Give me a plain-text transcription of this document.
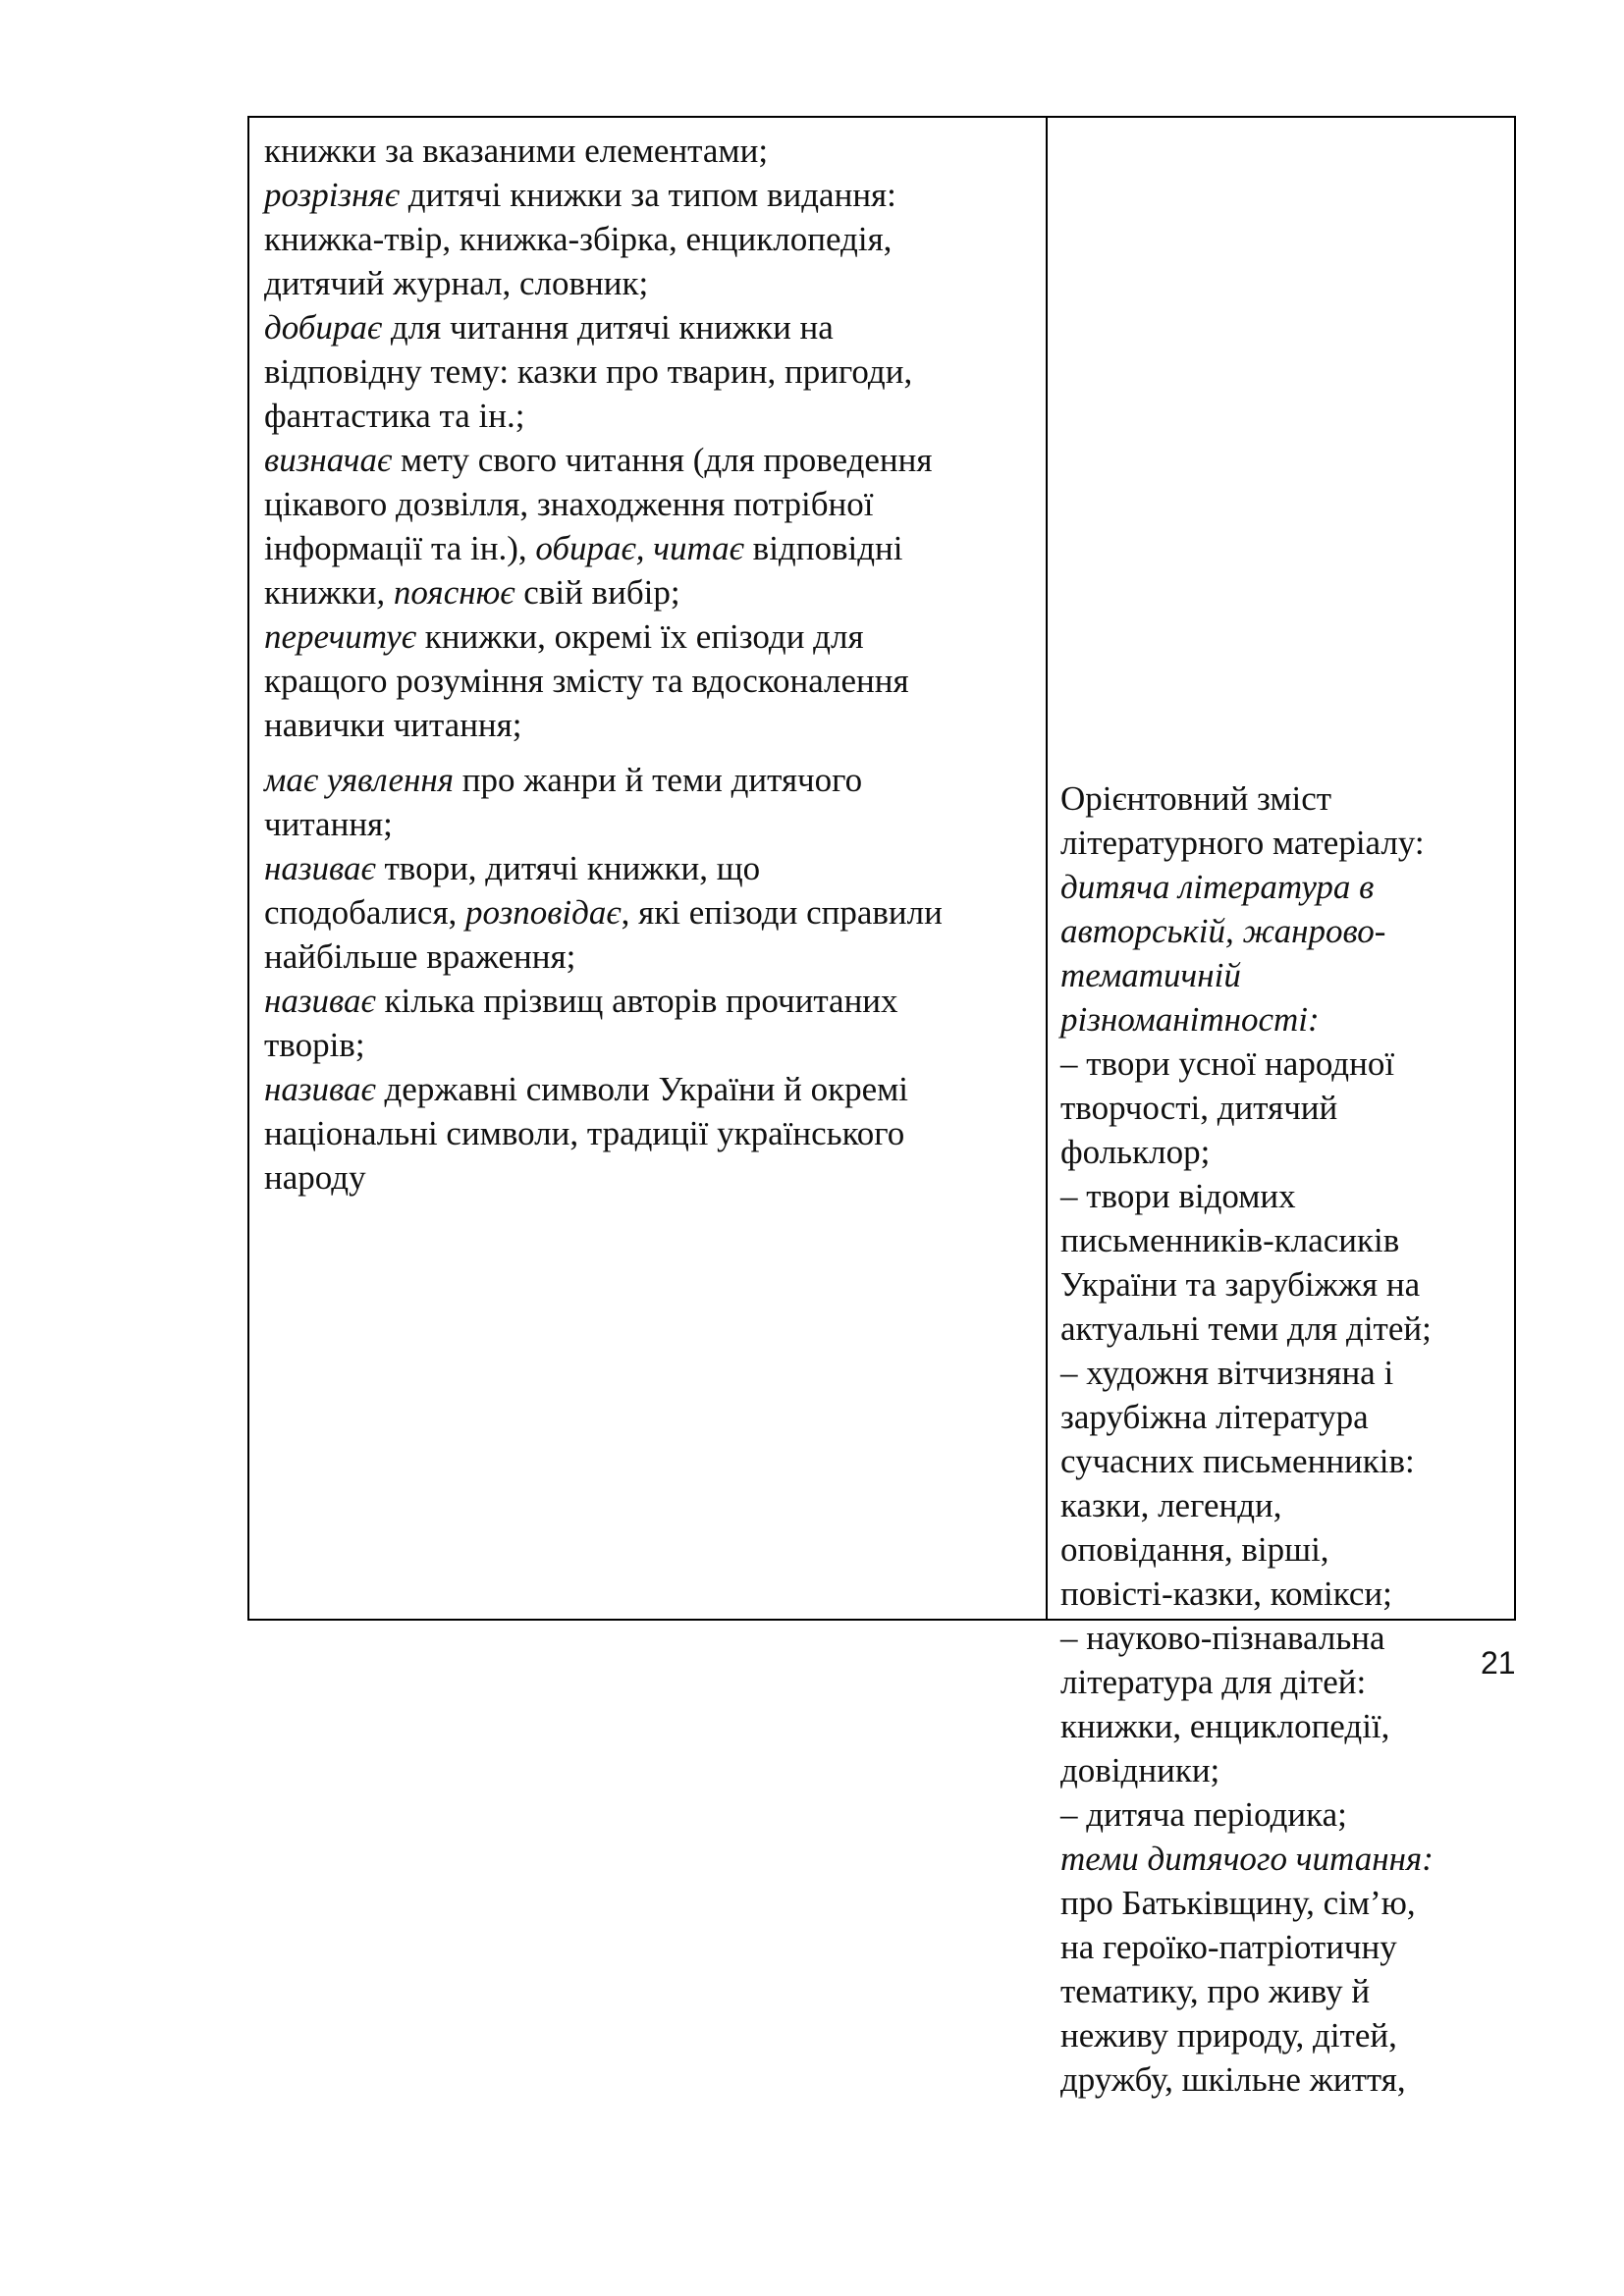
книжки за вказаними елементами;
розрізняє дитячі книжки за типом видання:
книжка-твір, книжка-збірка, енциклопедія,
дитячий журнал, словник;
добирає для читання дитячі книжки на
відповідну тему: казки про тварин, пригоди,
фантастика та ін.;
визначає мету свого читання (для проведення
цікавого дозвілля, знаходження потрібної
інформації та ін.), обирає, читає відповідні
книжки, пояснює свій вибір;
перечитує книжки, окремі їх епізоди для
кращого розуміння змісту та вдосконалення
навички читання;
має уявлення про жанри й теми дитячого
читання;
називає твори, дитячі книжки, що
сподобалися, розповідає, які епізоди справили
найбільше враження;
називає кілька прізвищ авторів прочитаних
творів;
називає державні символи України й окремі
національні символи, традиції українського
народу
Орієнтовний зміст
літературного матеріалу:
дитяча література в
авторській, жанрово-
тематичній
різноманітності:
– твори усної народної
творчості, дитячий
фольклор;
– твори відомих
письменників-класиків
України та зарубіжжя на
актуальні теми для дітей;
– художня вітчизняна і
зарубіжна література
сучасних письменників:
казки, легенди,
оповідання, вірші,
повісті-казки, комікси;
– науково-пізнавальна
література для дітей:
книжки, енциклопедії,
довідники;
– дитяча періодика;
теми дитячого читання:
про Батьківщину, сім’ю,
на героїко-патріотичну
тематику, про живу й
неживу природу, дітей,
дружбу, шкільне життя,
21
